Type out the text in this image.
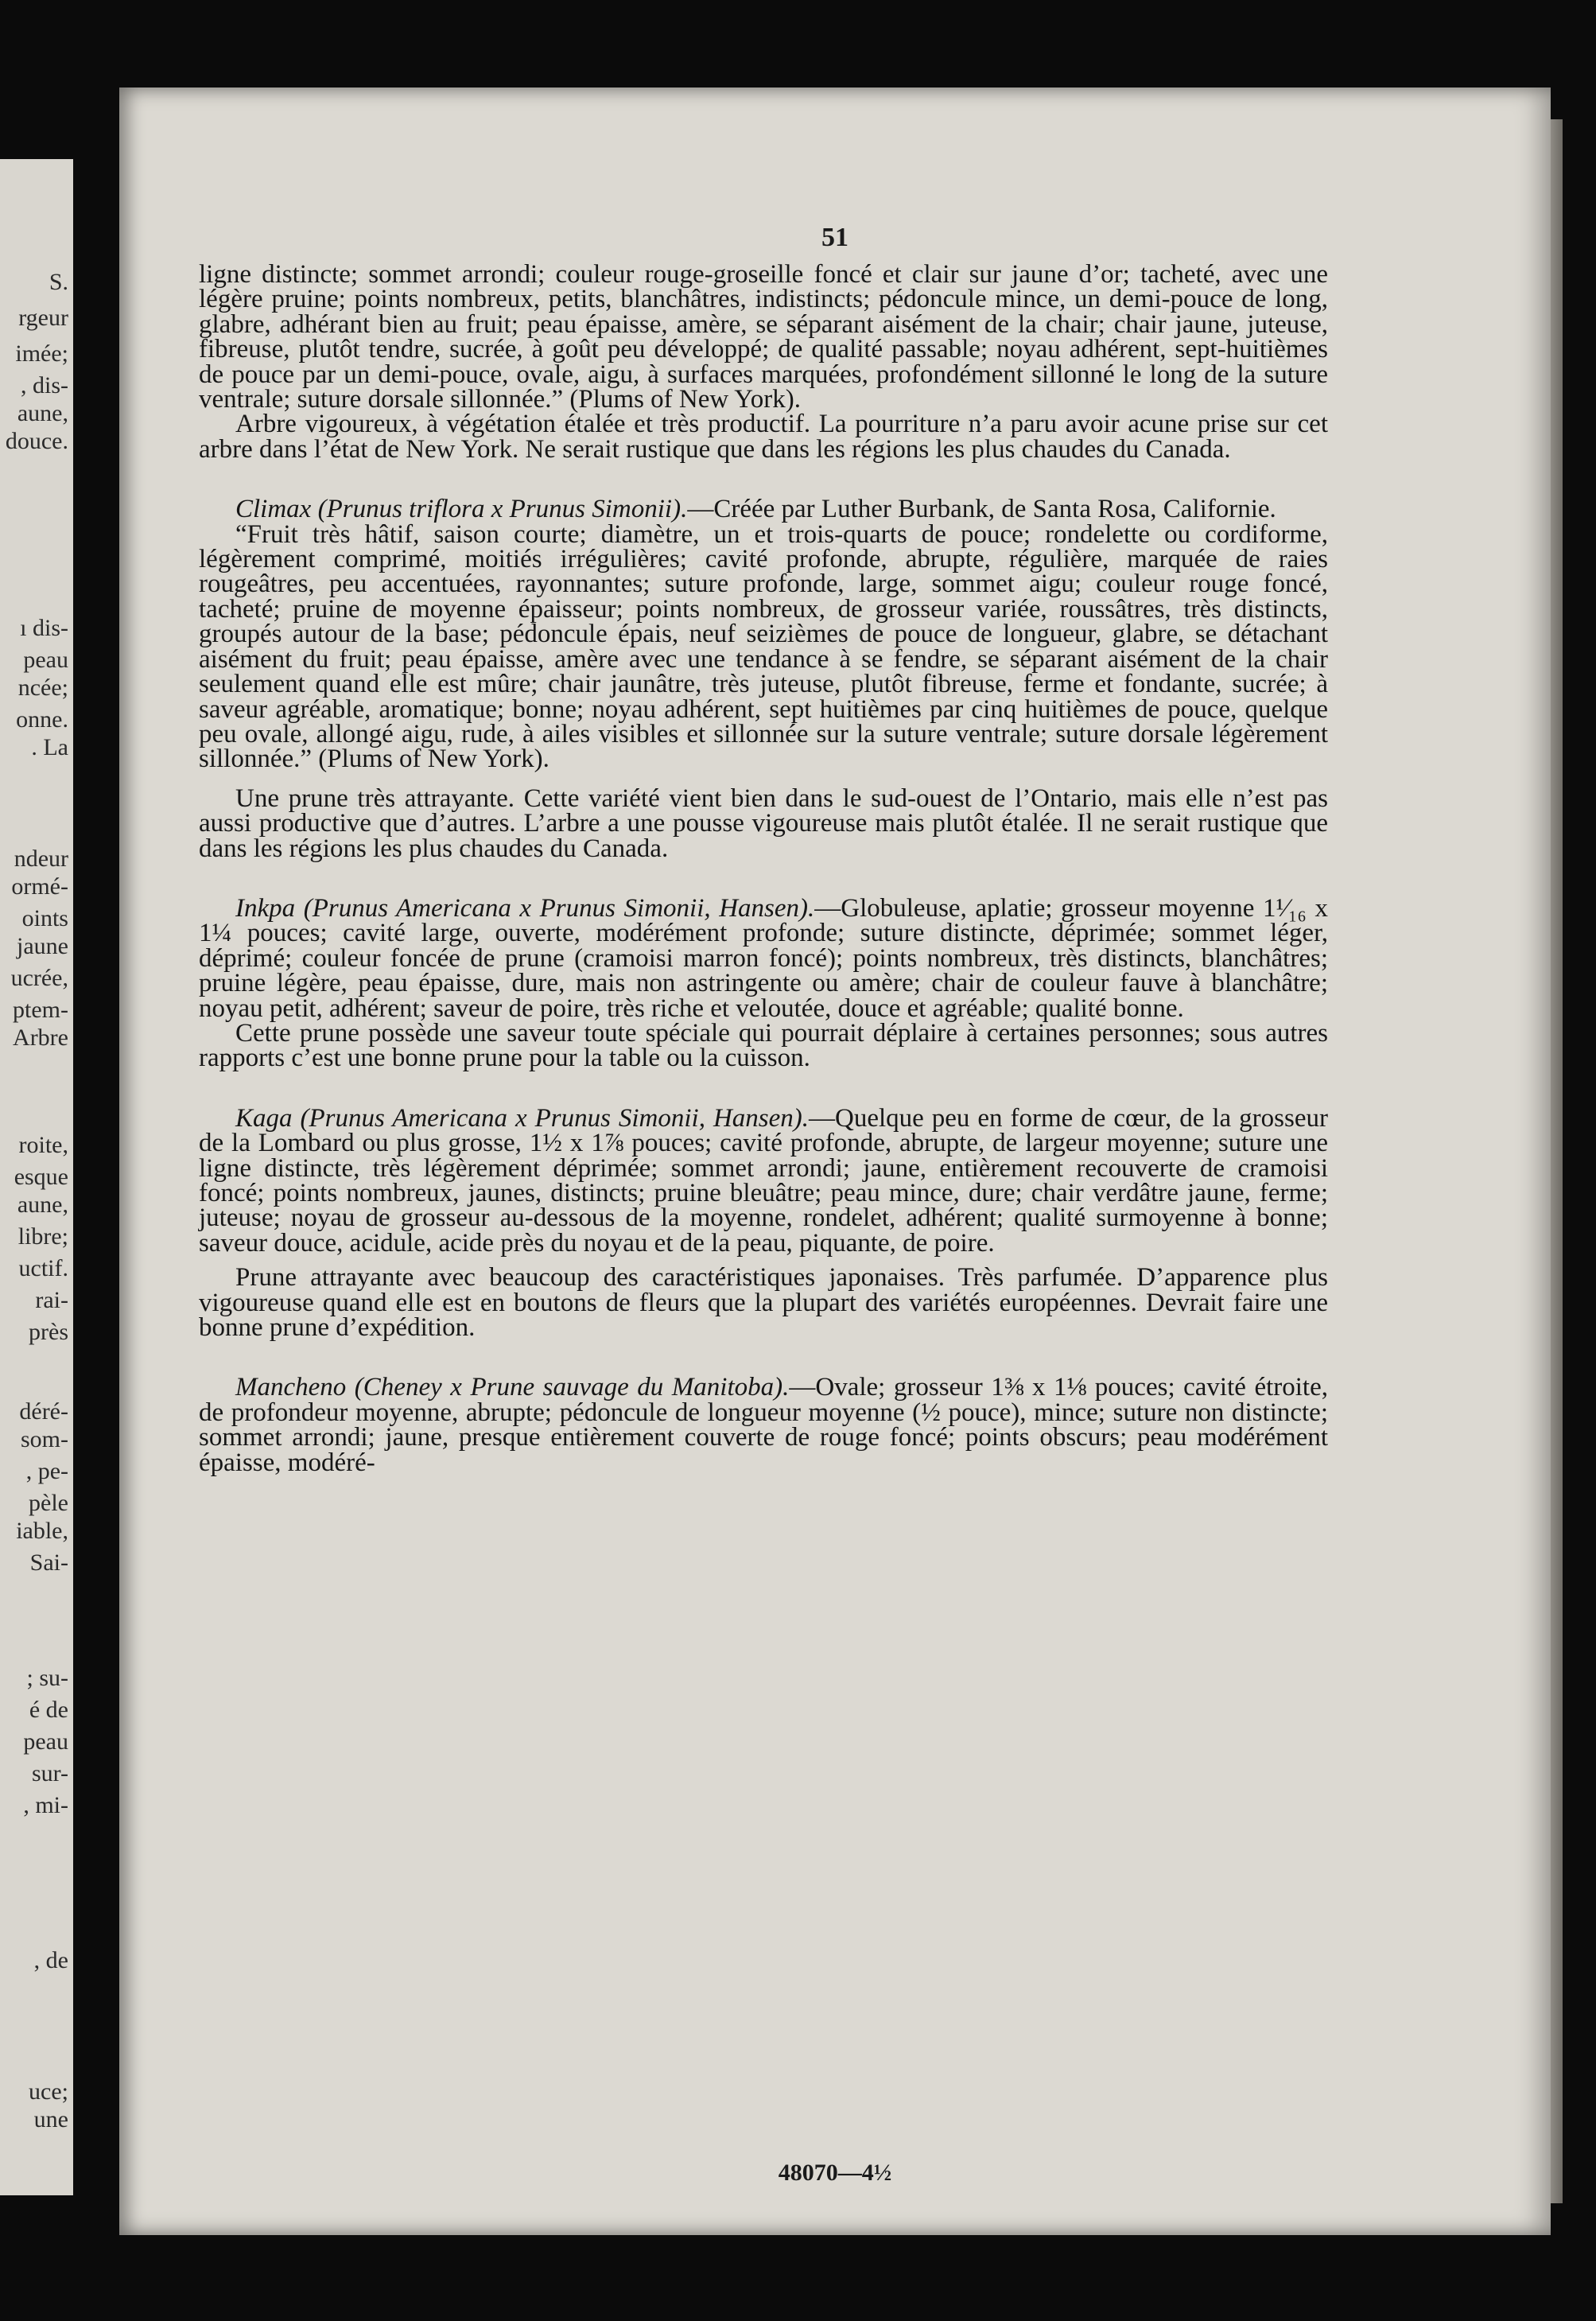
S.
rgeur
imée;
, dis-
aune,
douce.
ı dis-
peau
ncée;
onne.
. La
ndeur
ormé-
oints
jaune
ucrée,
ptem-
Arbre
roite,
esque
aune,
libre;
uctif.
rai-
près
déré-
som-
, pe-
pèle
iable,
Sai-
; su-
é de
peau
sur-
, mi-
, de
uce;
une
51
48070—4½

ligne distincte; sommet arrondi; couleur rouge-groseille foncé et clair sur jaune d’or; tacheté, avec une légère pruine; points nombreux, petits, blanchâtres, indistincts; pédoncule mince, un demi-pouce de long, glabre, adhérant bien au fruit; peau épaisse, amère, se séparant aisément de la chair; chair jaune, juteuse, fibreuse, plutôt tendre, sucrée, à goût peu développé; de qualité passable; noyau adhérent, sept-huitièmes de pouce par un demi-pouce, ovale, aigu, à surfaces marquées, profondément sillonné le long de la suture ventrale; suture dorsale sillonnée.” (Plums of New York).

Arbre vigoureux, à végétation étalée et très productif. La pourriture n’a paru avoir acune prise sur cet arbre dans l’état de New York. Ne serait rustique que dans les régions les plus chaudes du Canada.

Climax (Prunus triflora x Prunus Simonii).—Créée par Luther Burbank, de Santa Rosa, Californie.

“Fruit très hâtif, saison courte; diamètre, un et trois-quarts de pouce; rondelette ou cordiforme, légèrement comprimé, moitiés irrégulières; cavité profonde, abrupte, régulière, marquée de raies rougeâtres, peu accentuées, rayonnantes; suture profonde, large, sommet aigu; couleur rouge foncé, tacheté; pruine de moyenne épaisseur; points nombreux, de grosseur variée, roussâtres, très distincts, groupés autour de la base; pédoncule épais, neuf seizièmes de pouce de longueur, glabre, se détachant aisément du fruit; peau épaisse, amère avec une tendance à se fendre, se séparant aisément de la chair seulement quand elle est mûre; chair jaunâtre, très juteuse, plutôt fibreuse, ferme et fondante, sucrée; à saveur agréable, aromatique; bonne; noyau adhérent, sept huitièmes par cinq huitièmes de pouce, quelque peu ovale, allongé aigu, rude, à ailes visibles et sillonnée sur la suture ventrale; suture dorsale légèrement sillonnée.” (Plums of New York).

Une prune très attrayante. Cette variété vient bien dans le sud-ouest de l’Ontario, mais elle n’est pas aussi productive que d’autres. L’arbre a une pousse vigoureuse mais plutôt étalée. Il ne serait rustique que dans les régions les plus chaudes du Canada.

Inkpa (Prunus Americana x Prunus Simonii, Hansen).—Globuleuse, aplatie; grosseur moyenne 1¹⁄₁₆ x 1¼ pouces; cavité large, ouverte, modérément profonde; suture distincte, déprimée; sommet léger, déprimé; couleur foncée de prune (cramoisi marron foncé); points nombreux, très distincts, blanchâtres; pruine légère, peau épaisse, dure, mais non astringente ou amère; chair de couleur fauve à blanchâtre; noyau petit, adhérent; saveur de poire, très riche et veloutée, douce et agréable; qualité bonne.

Cette prune possède une saveur toute spéciale qui pourrait déplaire à certaines personnes; sous autres rapports c’est une bonne prune pour la table ou la cuisson.

Kaga (Prunus Americana x Prunus Simonii, Hansen).—Quelque peu en forme de cœur, de la grosseur de la Lombard ou plus grosse, 1½ x 1⅞ pouces; cavité profonde, abrupte, de largeur moyenne; suture une ligne distincte, très légèrement déprimée; sommet arrondi; jaune, entièrement recouverte de cramoisi foncé; points nombreux, jaunes, distincts; pruine bleuâtre; peau mince, dure; chair verdâtre jaune, ferme; juteuse; noyau de grosseur au-dessous de la moyenne, rondelet, adhérent; qualité surmoyenne à bonne; saveur douce, acidule, acide près du noyau et de la peau, piquante, de poire.

Prune attrayante avec beaucoup des caractéristiques japonaises. Très parfumée. D’apparence plus vigoureuse quand elle est en boutons de fleurs que la plupart des variétés européennes. Devrait faire une bonne prune d’expédition.

Mancheno (Cheney x Prune sauvage du Manitoba).—Ovale; grosseur 1⅜ x 1⅛ pouces; cavité étroite, de profondeur moyenne, abrupte; pédoncule de longueur moyenne (½ pouce), mince; suture non distincte; sommet arrondi; jaune, presque entièrement couverte de rouge foncé; points obscurs; peau modérément épaisse, modéré-
